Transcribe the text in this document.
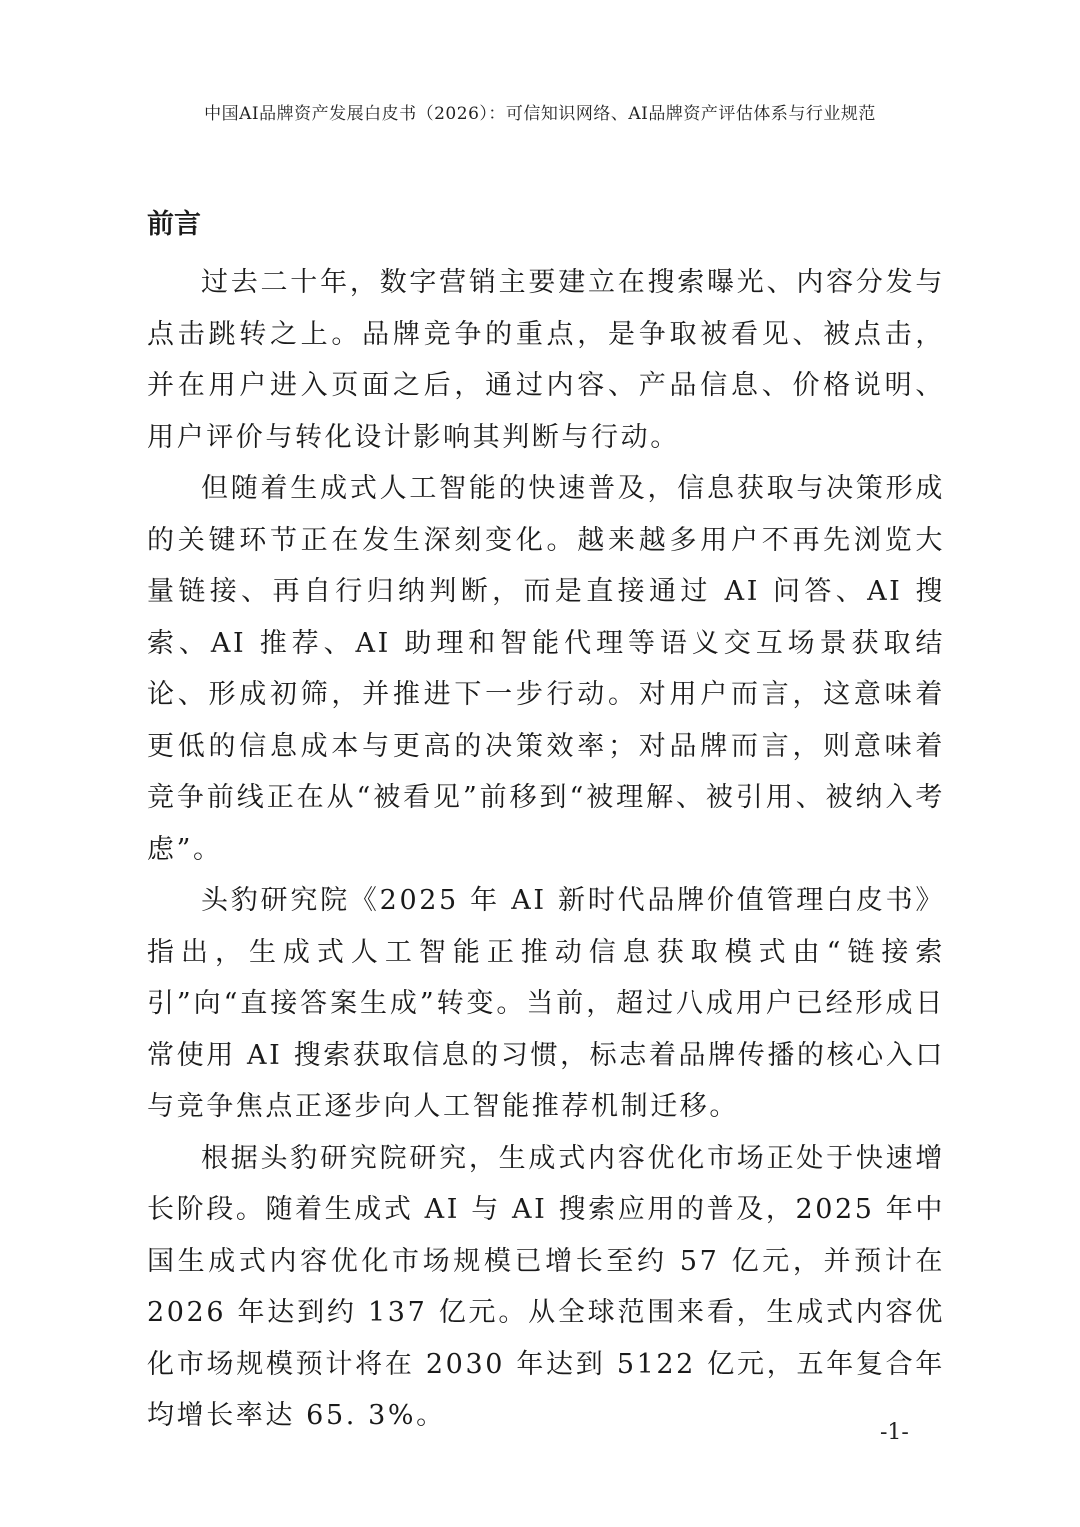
中国AI品牌资产发展白皮书（2026）：可信知识网络、AI品牌资产评估体系与行业规范
前言

过去二十年，数字营销主要建立在搜索曝光、内容分发与点击跳转之上。品牌竞争的重点，是争取被看见、被点击，并在用户进入页面之后，通过内容、产品信息、价格说明、用户评价与转化设计影响其判断与行动。

但随着生成式人工智能的快速普及，信息获取与决策形成的关键环节正在发生深刻变化。越来越多用户不再先浏览大量链接、再自行归纳判断，而是直接通过 AI 问答、AI 搜索、AI 推荐、AI 助理和智能代理等语义交互场景获取结论、形成初筛，并推进下一步行动。对用户而言，这意味着更低的信息成本与更高的决策效率；对品牌而言，则意味着竞争前线正在从“被看见”前移到“被理解、被引用、被纳入考虑”。

头豹研究院《2025 年 AI 新时代品牌价值管理白皮书》指出，生成式人工智能正推动信息获取模式由“链接索引”向“直接答案生成”转变。当前，超过八成用户已经形成日常使用 AI 搜索获取信息的习惯，标志着品牌传播的核心入口与竞争焦点正逐步向人工智能推荐机制迁移。

根据头豹研究院研究，生成式内容优化市场正处于快速增长阶段。随着生成式 AI 与 AI 搜索应用的普及，2025 年中国生成式内容优化市场规模已增长至约 57 亿元，并预计在 2026 年达到约 137 亿元。从全球范围来看，生成式内容优化市场规模预计将在 2030 年达到 5122 亿元，五年复合年均增长率达 65. 3%。

-1-
